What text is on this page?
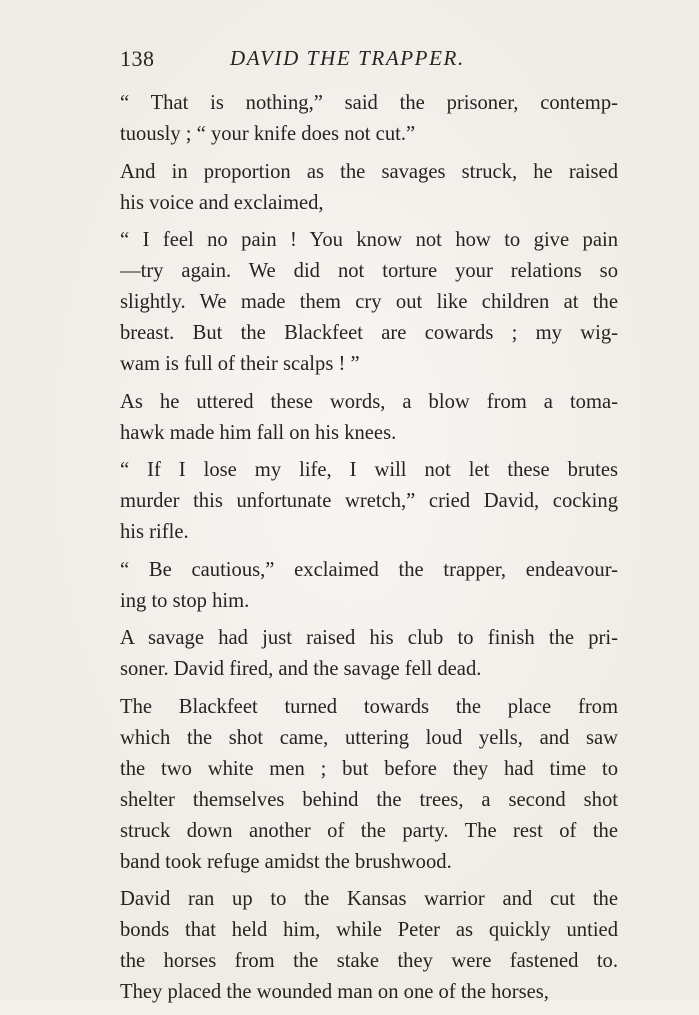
138	DAVID THE TRAPPER.
“ That is nothing,” said the prisoner, contemp-
tuously ; “ your knife does not cut.”
And in proportion as the savages struck, he raised
his voice and exclaimed,
“ I feel no pain ! You know not how to give pain
—try again. We did not torture your relations so
slightly. We made them cry out like children at the
breast. But the Blackfeet are cowards ; my wig-
wam is full of their scalps ! ”
As he uttered these words, a blow from a toma-
hawk made him fall on his knees.
“ If I lose my life, I will not let these brutes
murder this unfortunate wretch,” cried David, cocking
his rifle.
“ Be cautious,” exclaimed the trapper, endeavour-
ing to stop him.
A savage had just raised his club to finish the pri-
soner. David fired, and the savage fell dead.
The Blackfeet turned towards the place from
which the shot came, uttering loud yells, and saw
the two white men ; but before they had time to
shelter themselves behind the trees, a second shot
struck down another of the party. The rest of the
band took refuge amidst the brushwood.
David ran up to the Kansas warrior and cut the
bonds that held him, while Peter as quickly untied
the horses from the stake they were fastened to.
They placed the wounded man on one of the horses,
